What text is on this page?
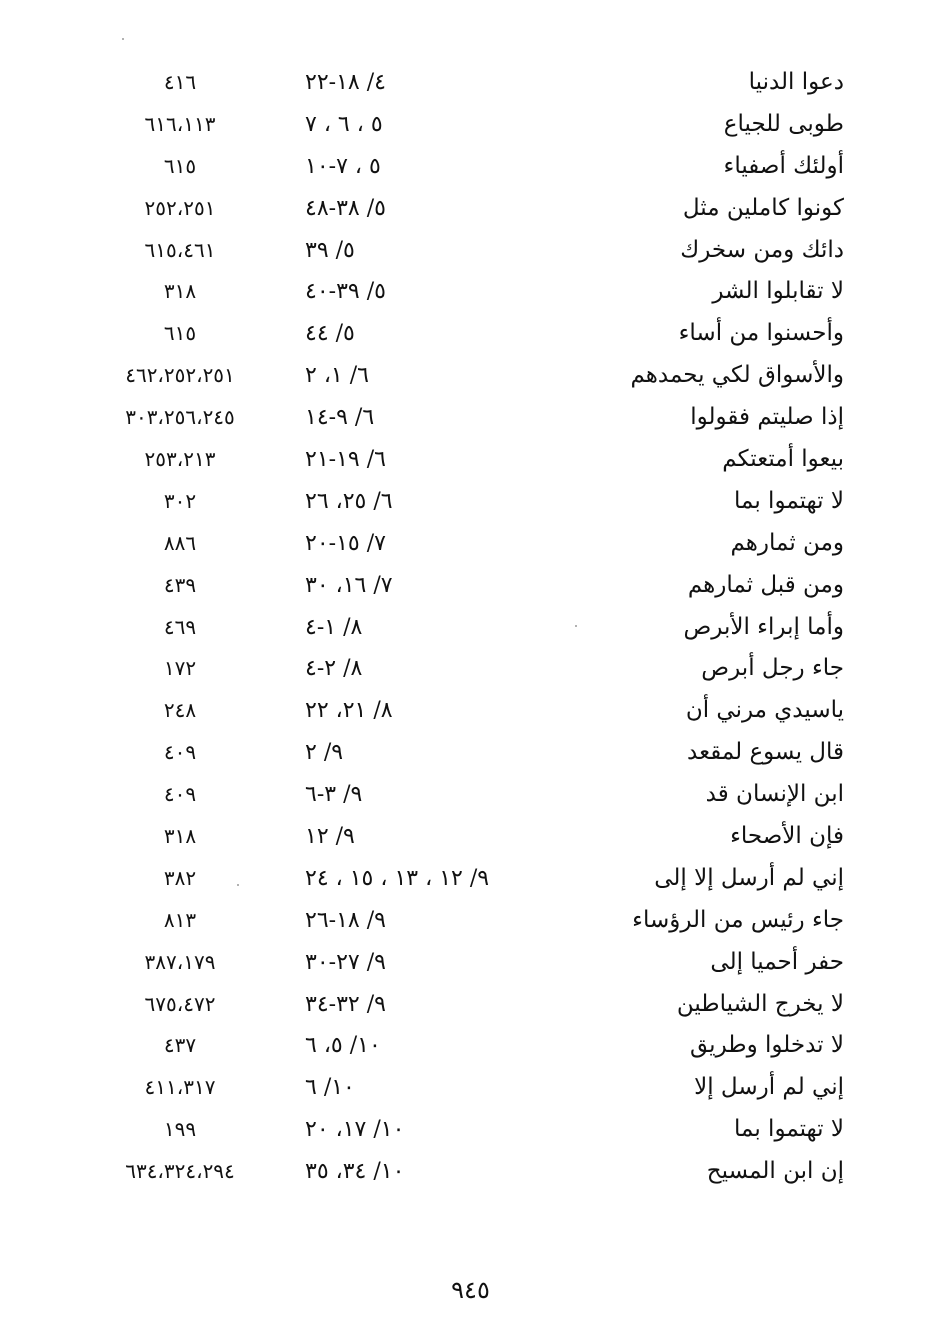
دعوا الدنيا
٤/ ١٨-٢٢
٤١٦
طوبى للجياع
٥ ، ٦ ، ٧
٦١٦،١١٣
أولئك أصفياء
٥ ، ٧-١٠
٦١٥
كونوا كاملين مثل
٥/ ٣٨-٤٨
٢٥٢،٢٥١
دائك ومن سخرك
٥/ ٣٩
٦١٥،٤٦١
لا تقابلوا الشر
٥/ ٣٩-٤٠
٣١٨
وأحسنوا من أساء
٥/ ٤٤
٦١٥
والأسواق لكي يحمدهم
٦/ ١، ٢
٤٦٢،٢٥٢،٢٥١
إذا صليتم فقولوا
٦/ ٩-١٤
٣٠٣،٢٥٦،٢٤٥
بيعوا أمتعتكم
٦/ ١٩-٢١
٢٥٣،٢١٣
لا تهتموا بما
٦/ ٢٥، ٢٦
٣٠٢
ومن ثمارهم
٧/ ١٥-٢٠
٨٨٦
ومن قبل ثمارهم
٧/ ١٦، ٣٠
٤٣٩
وأما إبراء الأبرص
٨/ ١-٤
٤٦٩
جاء رجل أبرص
٨/ ٢-٤
١٧٢
ياسيدي مرني أن
٨/ ٢١، ٢٢
٢٤٨
قال يسوع لمقعد
٩/ ٢
٤٠٩
ابن الإنسان قد
٩/ ٣-٦
٤٠٩
فإن الأصحاء
٩/ ١٢
٣١٨
إني لم أرسل إلا إلى
٩/ ١٢ ، ١٣ ، ١٥ ، ٢٤
٣٨٢
جاء رئيس من الرؤساء
٩/ ١٨-٢٦
٨١٣
حفر أحميا إلى
٩/ ٢٧-٣٠
٣٨٧،١٧٩
لا يخرج الشياطين
٩/ ٣٢-٣٤
٦٧٥،٤٧٢
لا تدخلوا وطريق
١٠/ ٥، ٦
٤٣٧
إني لم أرسل إلا
١٠/ ٦
٤١١،٣١٧
لا تهتموا بما
١٠/ ١٧، ٢٠
١٩٩
إن ابن المسيح
١٠/ ٣٤، ٣٥
٦٣٤،٣٢٤،٢٩٤
٩٤٥
